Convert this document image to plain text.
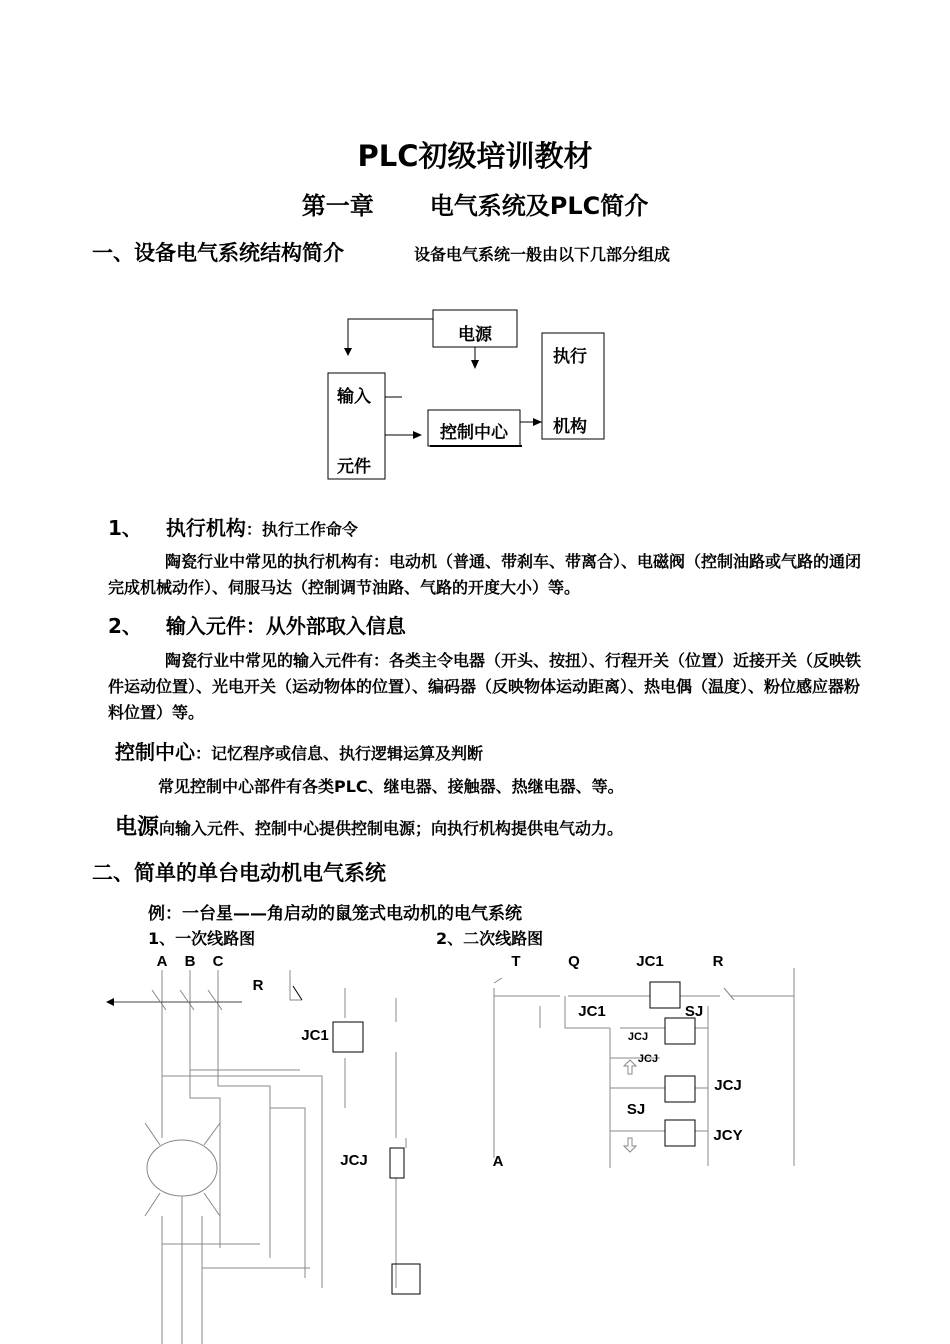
PLC初级培训教材
第一章 电气系统及PLC简介
一、设备电气系统结构简介	设备电气系统一般由以下几部分组成
电源
执行
机构
输入
元件
控制中心
1、 执行机构：执行工作命令
陶瓷行业中常见的执行机构有：电动机（普通、带刹车、带离合）、电磁阀（控制油路或气路的通闭完成机械动作）、伺服马达（控制调节油路、气路的开度大小）等。
2、 输入元件：从外部取入信息
陶瓷行业中常见的输入元件有：各类主令电器（开头、按扭）、行程开关（位置）近接开关（反映铁件运动位置）、光电开关（运动物体的位置）、编码器（反映物体运动距离）、热电偶（温度）、粉位感应器粉料位置）等。
控制中心：记忆程序或信息、执行逻辑运算及判断
常见控制中心部件有各类PLC、继电器、接触器、热继电器、等。
电源向输入元件、控制中心提供控制电源；向执行机构提供电气动力。
二、简单的单台电动机电气系统
例：一台星——角启动的鼠笼式电动机的电气系统
1、一次线路图	2、二次线路图
A B C
R
JC1
JCJ
T	Q	JC1	R
JC1	SJ
JCJ
JCJ
JCJ
SJ
JCY
A
